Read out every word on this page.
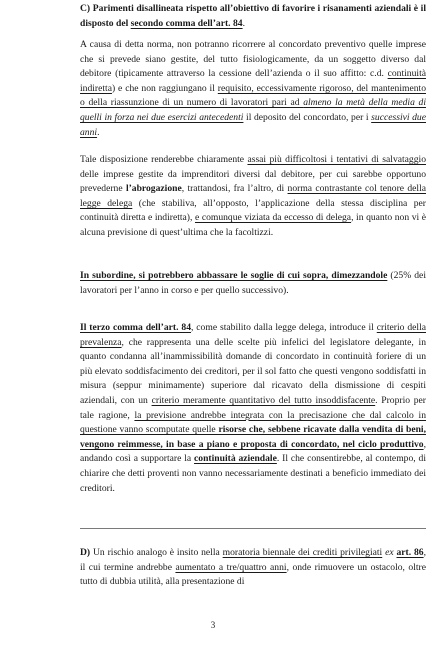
C) Parimenti disallineata rispetto all’obiettivo di favorire i risanamenti aziendali è il disposto del secondo comma dell’art. 84.

A causa di detta norma, non potranno ricorrere al concordato preventivo quelle imprese che si prevede siano gestite, del tutto fisiologicamente, da un soggetto diverso dal debitore (tipicamente attraverso la cessione dell’azienda o il suo affitto: c.d. continuità indiretta) e che non raggiungano il requisito, eccessivamente rigoroso, del mantenimento o della riassunzione di un numero di lavoratori pari ad almeno la metà della media di quelli in forza nei due esercizi antecedenti il deposito del concordato, per i successivi due anni.

Tale disposizione renderebbe chiaramente assai più difficoltosi i tentativi di salvataggio delle imprese gestite da imprenditori diversi dal debitore, per cui sarebbe opportuno prevederne l’abrogazione, trattandosi, fra l’altro, di norma contrastante col tenore della legge delega (che stabiliva, all’opposto, l’applicazione della stessa disciplina per continuità diretta e indiretta), e comunque viziata da eccesso di delega, in quanto non vi è alcuna previsione di quest’ultima che la facoltizzi.

In subordine, si potrebbero abbassare le soglie di cui sopra, dimezzandole (25% dei lavoratori per l’anno in corso e per quello successivo).

Il terzo comma dell’art. 84, come stabilito dalla legge delega, introduce il criterio della prevalenza, che rappresenta una delle scelte più infelici del legislatore delegante, in quanto condanna all’inammissibilità domande di concordato in continuità foriere di un più elevato soddisfacimento dei creditori, per il sol fatto che questi vengono soddisfatti in misura (seppur minimamente) superiore dal ricavato della dismissione di cespiti aziendali, con un criterio meramente quantitativo del tutto insoddisfacente. Proprio per tale ragione, la previsione andrebbe integrata con la precisazione che dal calcolo in questione vanno scomputate quelle risorse che, sebbene ricavate dalla vendita di beni, vengono reimmesse, in base a piano e proposta di concordato, nel ciclo produttivo, andando così a supportare la continuità aziendale. Il che consentirebbe, al contempo, di chiarire che detti proventi non vanno necessariamente destinati a beneficio immediato dei creditori.

D) Un rischio analogo è insito nella moratoria biennale dei crediti privilegiati ex art. 86, il cui termine andrebbe aumentato a tre/quattro anni, onde rimuovere un ostacolo, oltre tutto di dubbia utilità, alla presentazione di

3
